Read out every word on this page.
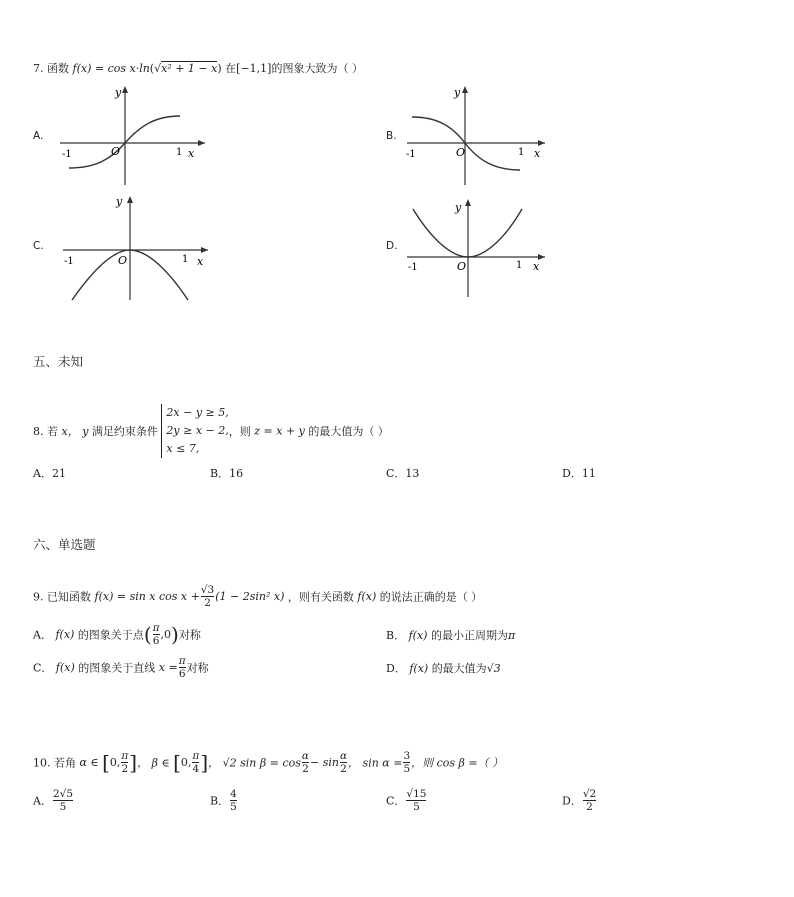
7. 函数 f(x) = cos x·ln(√x² + 1 − x) 在[−1,1]的图象大致为（ ）
A.	B.
C.	D.
y
O
-1	1 x
y
O
-1	1 x
y
O
-1	1 x
y
O
-1	1 x
五、未知
8. 若 x， y 满足约束条件
2x − y ≥ 5,
2y ≥ x − 2,
x ≤ 7,
，则 z = x + y 的最大值为（ ）
A．21	B．16	C．13	D．11
六、单选题
9. 已知函数 f(x) = sin x $\cos x + \frac{√3}{2} (1 - 2\sin^2$ x) ，则有关函数 f(x) 的说法正确的是（ ）
A． f(x) 的图象关于点( $\frac{\pi}{6} ,0$)对称	B． f(x) 的最小正周期为π
C． f(x) 的图象关于直线 $x = \frac{\pi}{6}$ 对称	D． f(x) 的最大值为√3
10. 若角 α ∈ [0, $\frac{\pi}{2}$ ]， β ∈ [0, $\frac{\pi}{4}$ ]， √2 $\sin \beta = \cos \frac{\alpha}{2} - \sin \frac{\alpha}{2}$ ， $\sin \alpha = \frac{3}{5}$ ，则 cos β =（ ）
A． $\frac{2√5}{5}$	B． $\frac{4}{5}$	C． $\frac{√15}{5}$	D． $\frac{√2}{2}$
